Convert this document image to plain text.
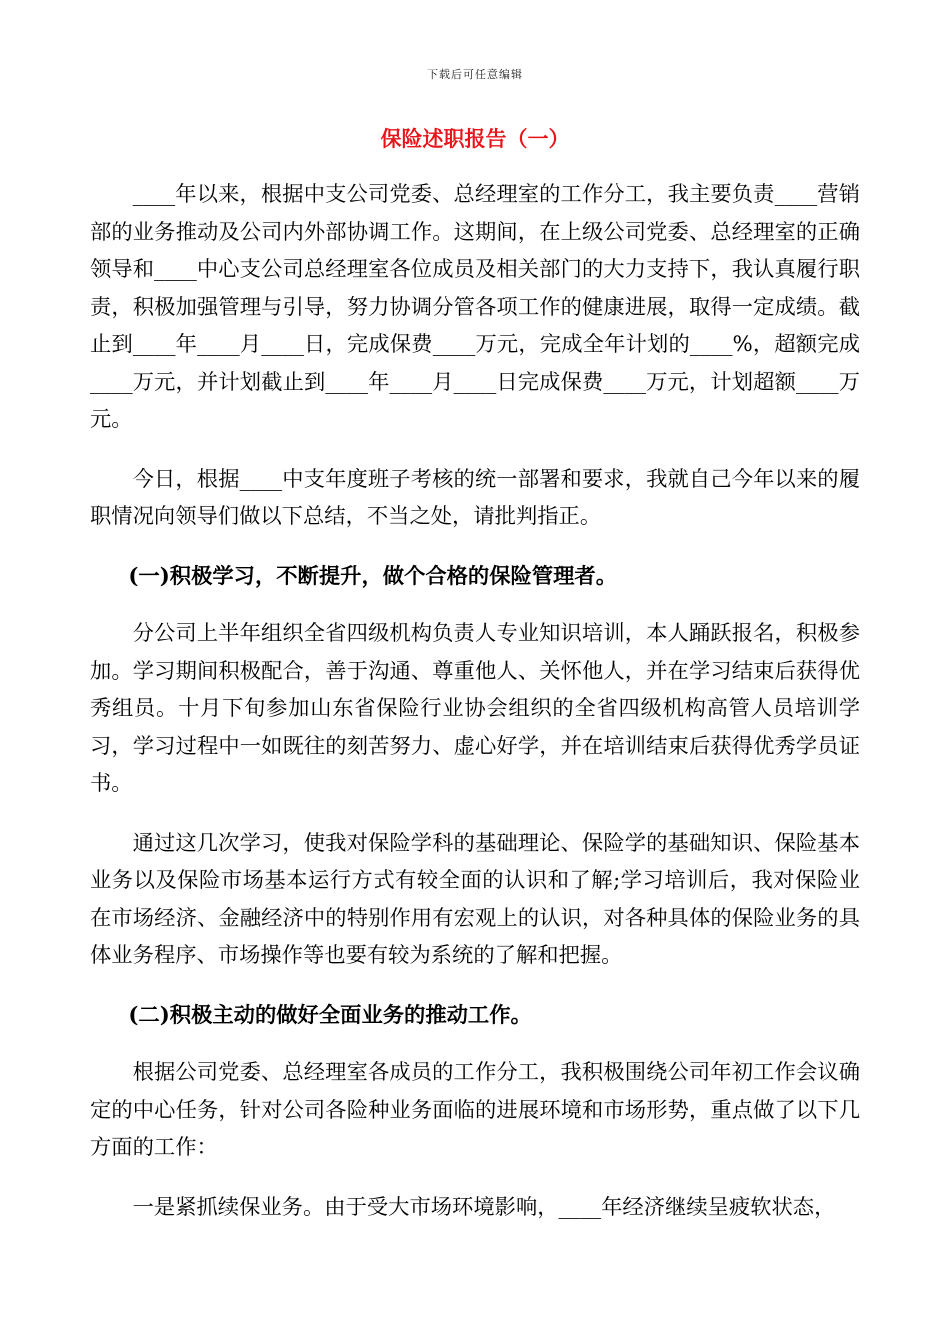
下载后可任意编辑
保险述职报告（一）

____年以来，根据中支公司党委、总经理室的工作分工，我主要负责____营销部的业务推动及公司内外部协调工作。这期间，在上级公司党委、总经理室的正确领导和____中心支公司总经理室各位成员及相关部门的大力支持下，我认真履行职责，积极加强管理与引导，努力协调分管各项工作的健康进展，取得一定成绩。截止到____年____月____日，完成保费____万元，完成全年计划的____%，超额完成____万元，并计划截止到____年____月____日完成保费____万元，计划超额____万元。

今日，根据____中支年度班子考核的统一部署和要求，我就自己今年以来的履职情况向领导们做以下总结，不当之处，请批判指正。

(一)积极学习，不断提升，做个合格的保险管理者。

分公司上半年组织全省四级机构负责人专业知识培训，本人踊跃报名，积极参加。学习期间积极配合，善于沟通、尊重他人、关怀他人，并在学习结束后获得优秀组员。十月下旬参加山东省保险行业协会组织的全省四级机构高管人员培训学习，学习过程中一如既往的刻苦努力、虚心好学，并在培训结束后获得优秀学员证书。

通过这几次学习，使我对保险学科的基础理论、保险学的基础知识、保险基本业务以及保险市场基本运行方式有较全面的认识和了解;学习培训后，我对保险业在市场经济、金融经济中的特别作用有宏观上的认识，对各种具体的保险业务的具体业务程序、市场操作等也要有较为系统的了解和把握。

(二)积极主动的做好全面业务的推动工作。

根据公司党委、总经理室各成员的工作分工，我积极围绕公司年初工作会议确定的中心任务，针对公司各险种业务面临的进展环境和市场形势，重点做了以下几方面的工作：

一是紧抓续保业务。由于受大市场环境影响，____年经济继续呈疲软状态，
